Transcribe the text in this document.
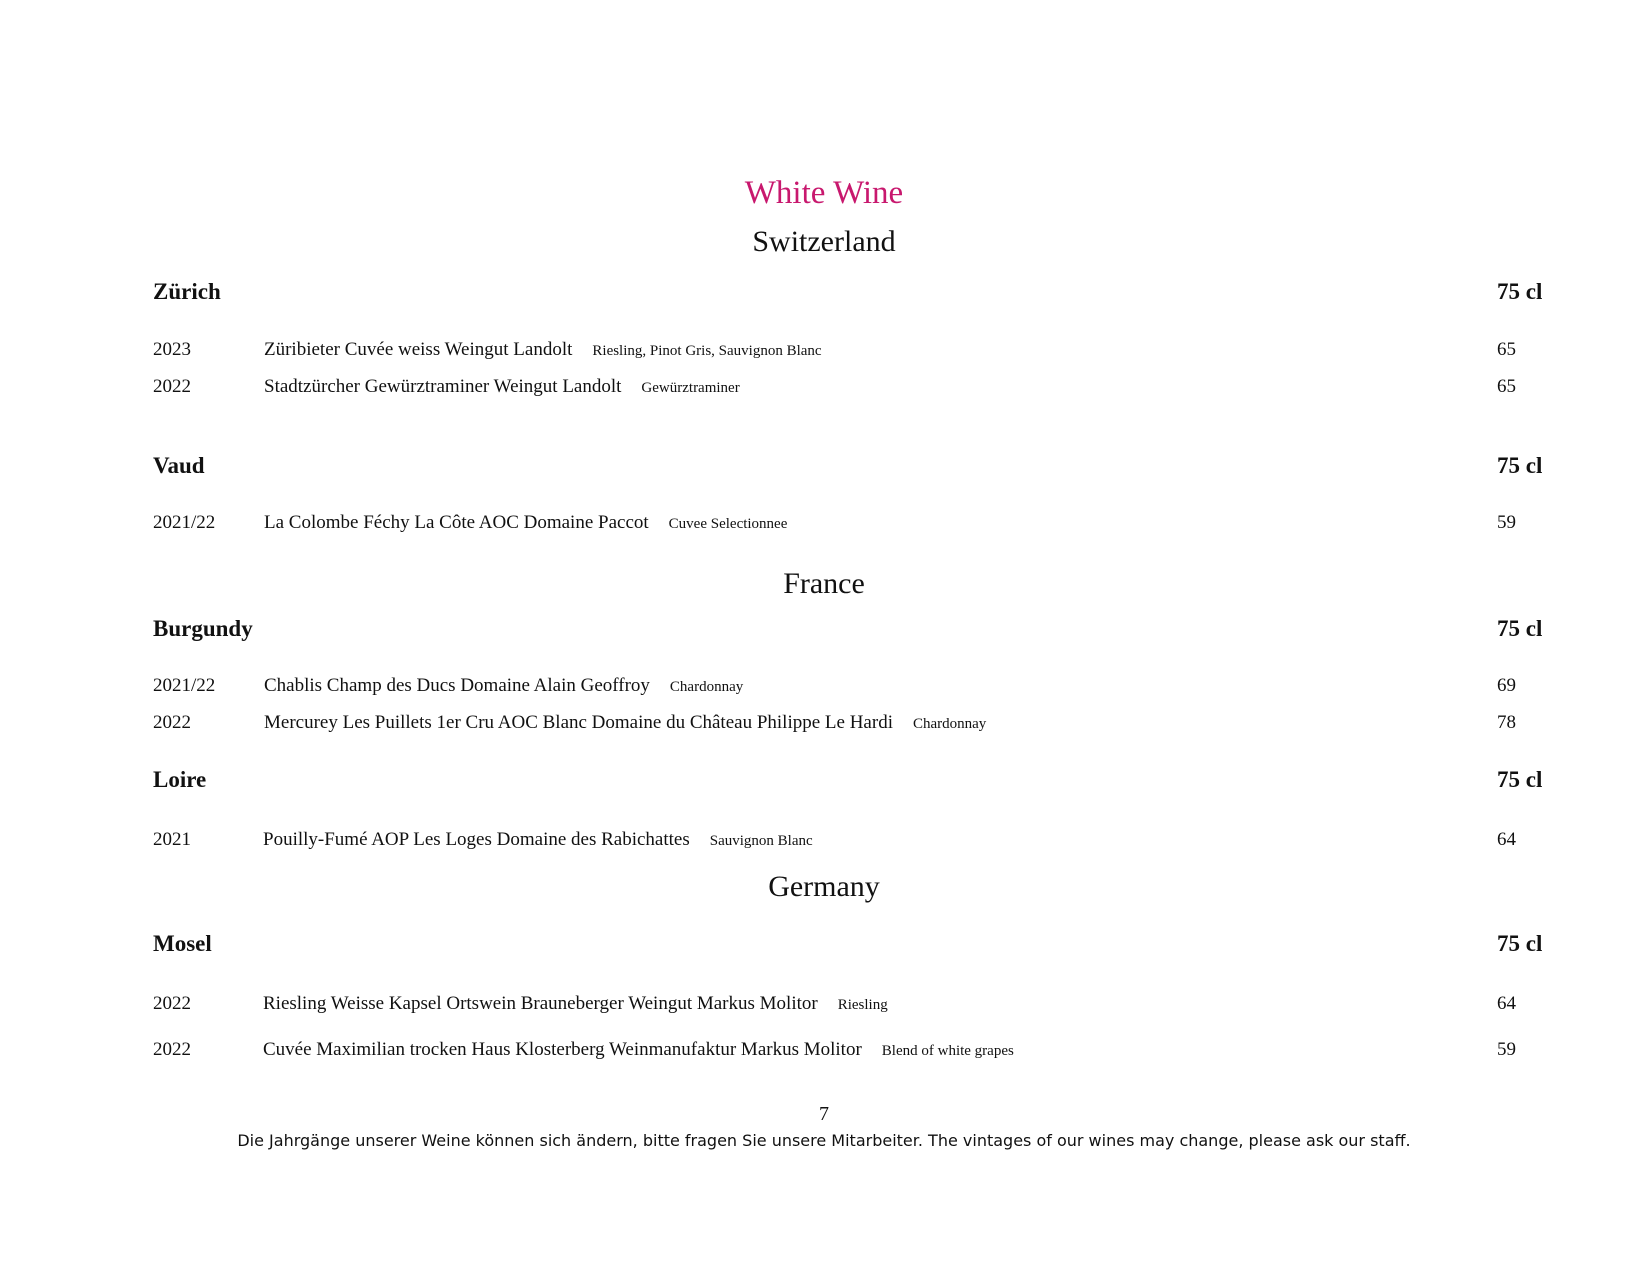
White Wine
Switzerland
Zürich	75 cl
2023	Züribieter Cuvée weiss Weingut Landolt Riesling, Pinot Gris, Sauvignon Blanc	65
2022	Stadtzürcher Gewürztraminer Weingut Landolt Gewürztraminer	65
Vaud	75 cl
2021/22	La Colombe Féchy La Côte AOC Domaine Paccot Cuvee Selectionnee	59
France
Burgundy	75 cl
2021/22	Chablis Champ des Ducs Domaine Alain Geoffroy Chardonnay	69
2022	Mercurey Les Puillets 1er Cru AOC Blanc Domaine du Château Philippe Le Hardi Chardonnay	78
Loire	75 cl
2021	Pouilly-Fumé AOP Les Loges Domaine des Rabichattes Sauvignon Blanc	64
Germany
Mosel	75 cl
2022	Riesling Weisse Kapsel Ortswein Brauneberger Weingut Markus Molitor Riesling	64
2022	Cuvée Maximilian trocken Haus Klosterberg Weinmanufaktur Markus Molitor Blend of white grapes	59
7
Die Jahrgänge unserer Weine können sich ändern, bitte fragen Sie unsere Mitarbeiter. The vintages of our wines may change, please ask our staff.
